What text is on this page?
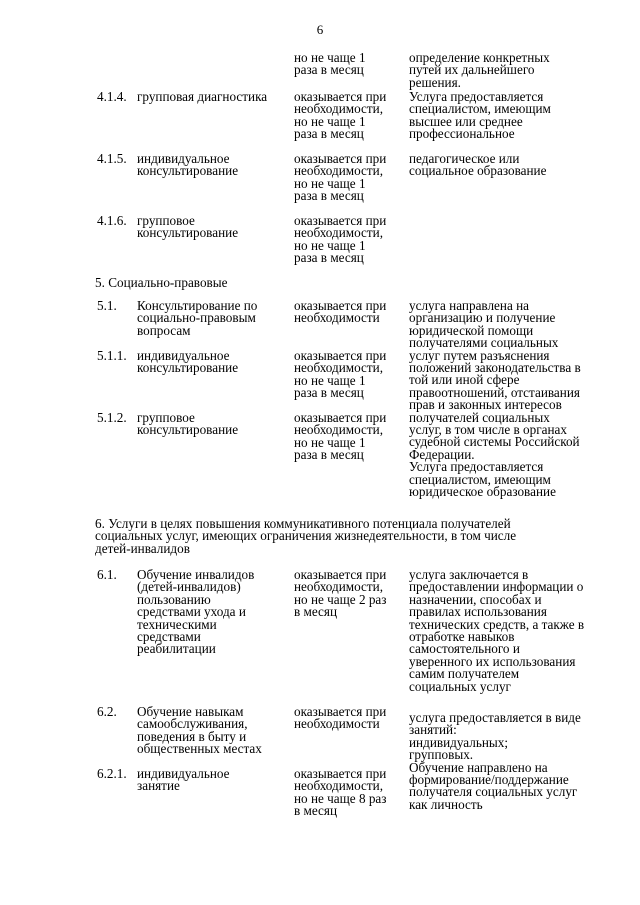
6
но не чаще 1
раза в месяц
определение конкретных
путей их дальнейшего
решения.
4.1.4. групповая диагностика	оказывается при
необходимости,
но не чаще 1
раза в месяц
Услуга предоставляется
специалистом, имеющим
высшее или среднее
профессиональное
4.1.5. индивидуальное
консультирование
оказывается при
необходимости,
но не чаще 1
раза в месяц
педагогическое или
социальное образование
4.1.6. групповое
консультирование
оказывается при
необходимости,
но не чаще 1
раза в месяц
5. Социально-правовые
5.1. Консультирование по
социально-правовым
вопросам
оказывается при
необходимости
услуга направлена на
организацию и получение
юридической помощи
получателями социальных
услуг путем разъяснения
положений законодательства в
той или иной сфере
правоотношений, отстаивания
прав и законных интересов
получателей социальных
услуг, в том числе в органах
судебной системы Российской
Федерации.
Услуга предоставляется
специалистом, имеющим
юридическое образование
5.1.1. индивидуальное
консультирование
оказывается при
необходимости,
но не чаще 1
раза в месяц
5.1.2. групповое
консультирование
оказывается при
необходимости,
но не чаще 1
раза в месяц
6. Услуги в целях повышения коммуникативного потенциала получателей
социальных услуг, имеющих ограничения жизнедеятельности, в том числе
детей-инвалидов
6.1. Обучение инвалидов
(детей-инвалидов)
пользованию
средствами ухода и
техническими
средствами
реабилитации
оказывается при
необходимости,
но не чаще 2 раз
в месяц
услуга заключается в
предоставлении информации о
назначении, способах и
правилах использования
технических средств, а также в
отработке навыков
самостоятельного и
уверенного их использования
самим получателем
социальных услуг
6.2. Обучение навыкам
самообслуживания,
поведения в быту и
общественных местах
оказывается при
необходимости	услуга предоставляется в виде
занятий:
индивидуальных;
групповых.
Обучение направлено на
формирование/поддержание
получателя социальных услуг
как личность
6.2.1. индивидуальное
занятие
оказывается при
необходимости,
но не чаще 8 раз
в месяц
